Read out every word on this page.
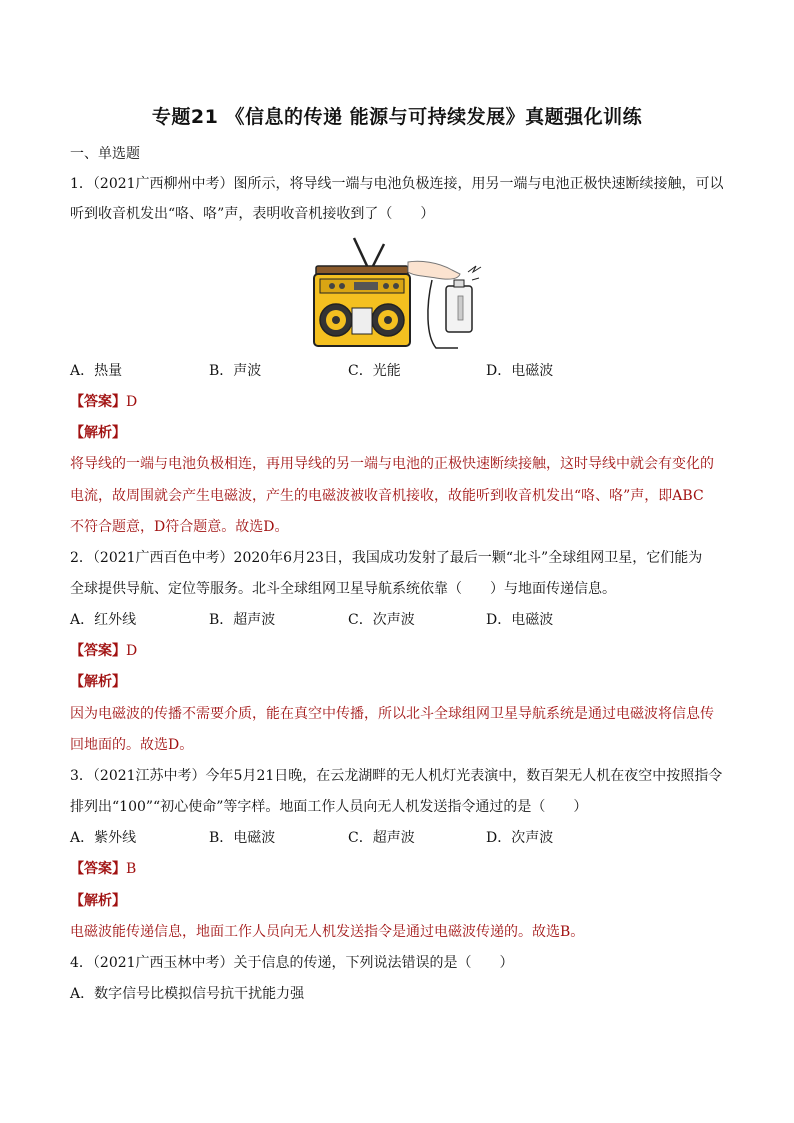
专题21 《信息的传递 能源与可持续发展》真题强化训练
一、单选题
1．（2021广西柳州中考）图所示，将导线一端与电池负极连接，用另一端与电池正极快速断续接触，可以
听到收音机发出“咯、咯”声，表明收音机接收到了（　　）
A．热量	B．声波	C．光能	D．电磁波
【答案】D
【解析】
将导线的一端与电池负极相连，再用导线的另一端与电池的正极快速断续接触，这时导线中就会有变化的
电流，故周围就会产生电磁波，产生的电磁波被收音机接收，故能听到收音机发出“咯、咯”声，即ABC
不符合题意，D符合题意。故选D。
2．（2021广西百色中考）2020年6月23日，我国成功发射了最后一颗“北斗”全球组网卫星，它们能为
全球提供导航、定位等服务。北斗全球组网卫星导航系统依靠（　　）与地面传递信息。
A．红外线	B．超声波	C．次声波	D．电磁波
【答案】D
【解析】
因为电磁波的传播不需要介质，能在真空中传播，所以北斗全球组网卫星导航系统是通过电磁波将信息传
回地面的。故选D。
3．（2021江苏中考）今年5月21日晚，在云龙湖畔的无人机灯光表演中，数百架无人机在夜空中按照指令
排列出“100”“初心使命”等字样。地面工作人员向无人机发送指令通过的是（　　）
A．紫外线	B．电磁波	C．超声波	D．次声波
【答案】B
【解析】
电磁波能传递信息，地面工作人员向无人机发送指令是通过电磁波传递的。故选B。
4．（2021广西玉林中考）关于信息的传递，下列说法错误的是（　　）
A．数字信号比模拟信号抗干扰能力强
